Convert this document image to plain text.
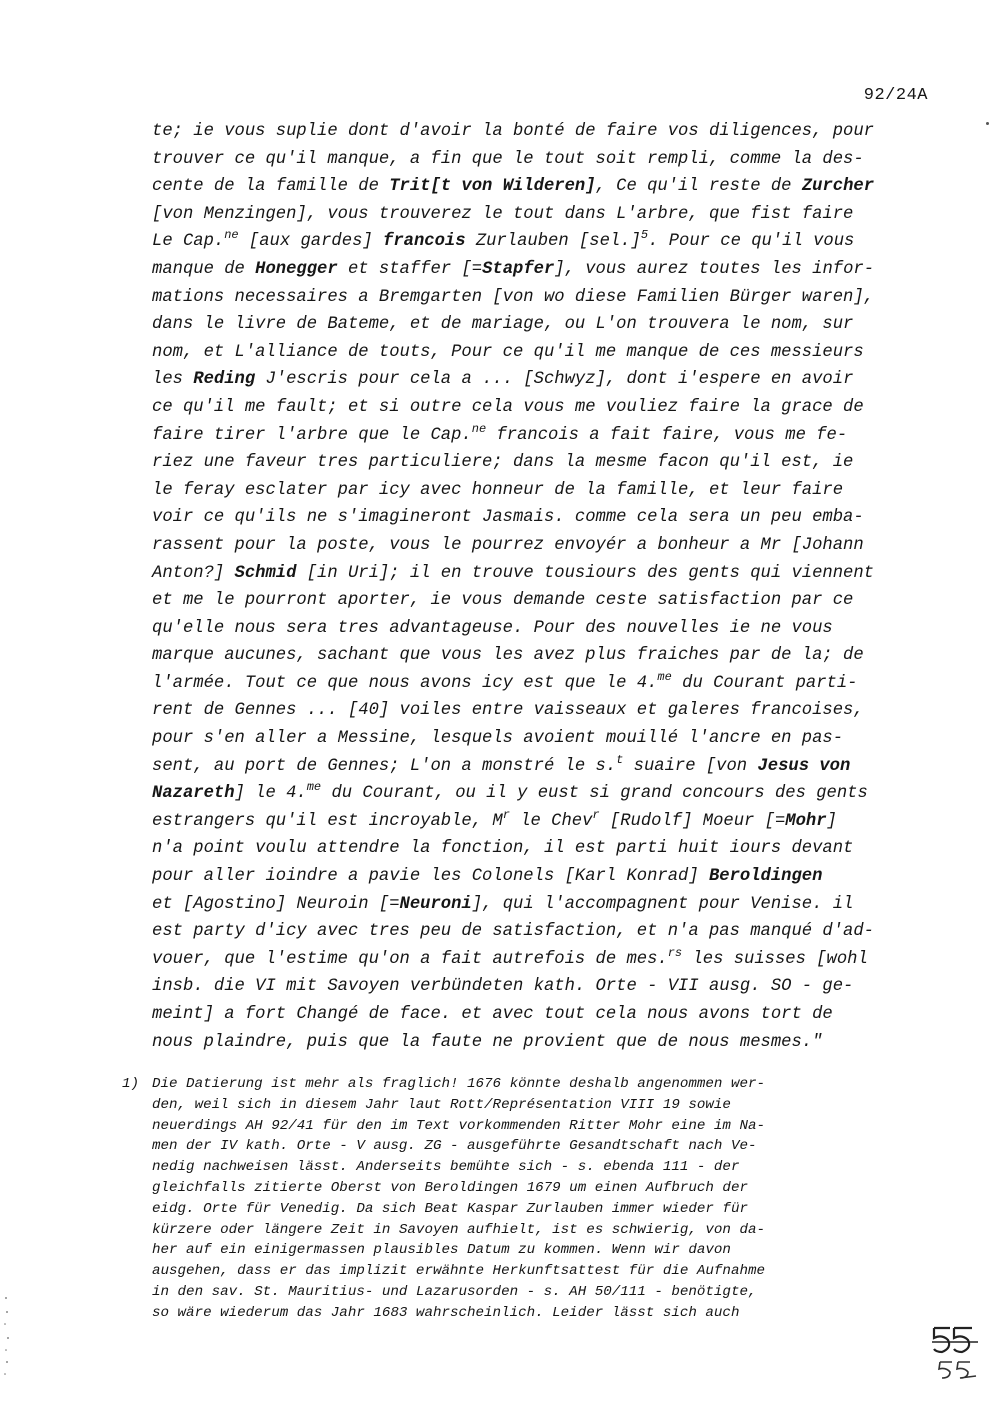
92/24A
te; ie vous suplie dont d'avoir la bonté de faire vos diligences, pour
trouver ce qu'il manque, a fin que le tout soit rempli, comme la des-
cente de la famille de Trit[t von Wilderen], Ce qu'il reste de Zurcher
[von Menzingen], vous trouverez le tout dans L'arbre, que fist faire
Le Cap.$^{ne}$ [aux gardes] francois Zurlauben $[sel.]^5$. Pour ce qu'il vous
manque de Honegger et staffer [=Stapfer], vous aurez toutes les infor-
mations necessaires a Bremgarten [von wo diese Familien Bürger waren],
dans le livre de Bateme, et de mariage, ou L'on trouvera le nom, sur
nom, et L'alliance de touts, Pour ce qu'il me manque de ces messieurs
les Reding J'escris pour cela a ... [Schwyz], dont i'espere en avoir
ce qu'il me fault; et si outre cela vous me vouliez faire la grace de
faire tirer l'arbre que le Cap.$^{ne}$ francois a fait faire, vous me fe-
riez une faveur tres particuliere; dans la mesme facon qu'il est, ie
le feray esclater par icy avec honneur de la famille, et leur faire
voir ce qu'ils ne s'imagineront Jasmais. comme cela sera un peu emba-
rassent pour la poste, vous le pourrez envoyér a bonheur a Mr [Johann
Anton?] Schmid [in Uri]; il en trouve tousiours des gents qui viennent
et me le pourront aporter, ie vous demande ceste satisfaction par ce
qu'elle nous sera tres advantageuse. Pour des nouvelles ie ne vous
marque aucunes, sachant que vous les avez plus fraiches par de la; de
l'armée. Tout ce que nous avons icy est que le 4.$^{me}$ du Courant parti-
rent de Gennes ... [40] voiles entre vaisseaux et galeres francoises,
pour s'en aller a Messine, lesquels avoient mouillé l'ancre en pas-
sent, au port de Gennes; L'on a monstré le s.$^t$ suaire [von Jesus von
Nazareth] le 4.$^{me}$ du Courant, ou il y eust si grand concours des gents
estrangers qu'il est incroyable, $M^r$ le Chev$^r$ [Rudolf] Moeur [=Mohr]
n'a point voulu attendre la fonction, il est parti huit iours devant
pour aller ioindre a pavie les Colonels [Karl Konrad] Beroldingen
et [Agostino] Neuroin [=Neuroni], qui l'accompagnent pour Venise. il
est party d'icy avec tres peu de satisfaction, et n'a pas manqué d'ad-
vouer, que l'estime qu'on a fait autrefois de mes.$^{rs}$ les suisses [wohl
insb. die VI mit Savoyen verbündeten kath. Orte - VII ausg. SO - ge-
meint] a fort Changé de face. et avec tout cela nous avons tort de
nous plaindre, puis que la faute ne provient que de nous mesmes."
1) Die Datierung ist mehr als fraglich! 1676 könnte deshalb angenommen wer-
den, weil sich in diesem Jahr laut Rott/Représentation VIII 19 sowie
neuerdings AH 92/41 für den im Text vorkommenden Ritter Mohr eine im Na-
men der IV kath. Orte - V ausg. ZG - ausgeführte Gesandtschaft nach Ve-
nedig nachweisen lässt. Anderseits bemühte sich - s. ebenda 111 - der
gleichfalls zitierte Oberst von Beroldingen 1679 um einen Aufbruch der
eidg. Orte für Venedig. Da sich Beat Kaspar Zurlauben immer wieder für
kürzere oder längere Zeit in Savoyen aufhielt, ist es schwierig, von da-
her auf ein einigermassen plausibles Datum zu kommen. Wenn wir davon
ausgehen, dass er das implizit erwähnte Herkunftsattest für die Aufnahme
in den sav. St. Mauritius- und Lazarusorden - s. AH 50/111 - benötigte,
so wäre wiederum das Jahr 1683 wahrscheinlich. Leider lässt sich auch
